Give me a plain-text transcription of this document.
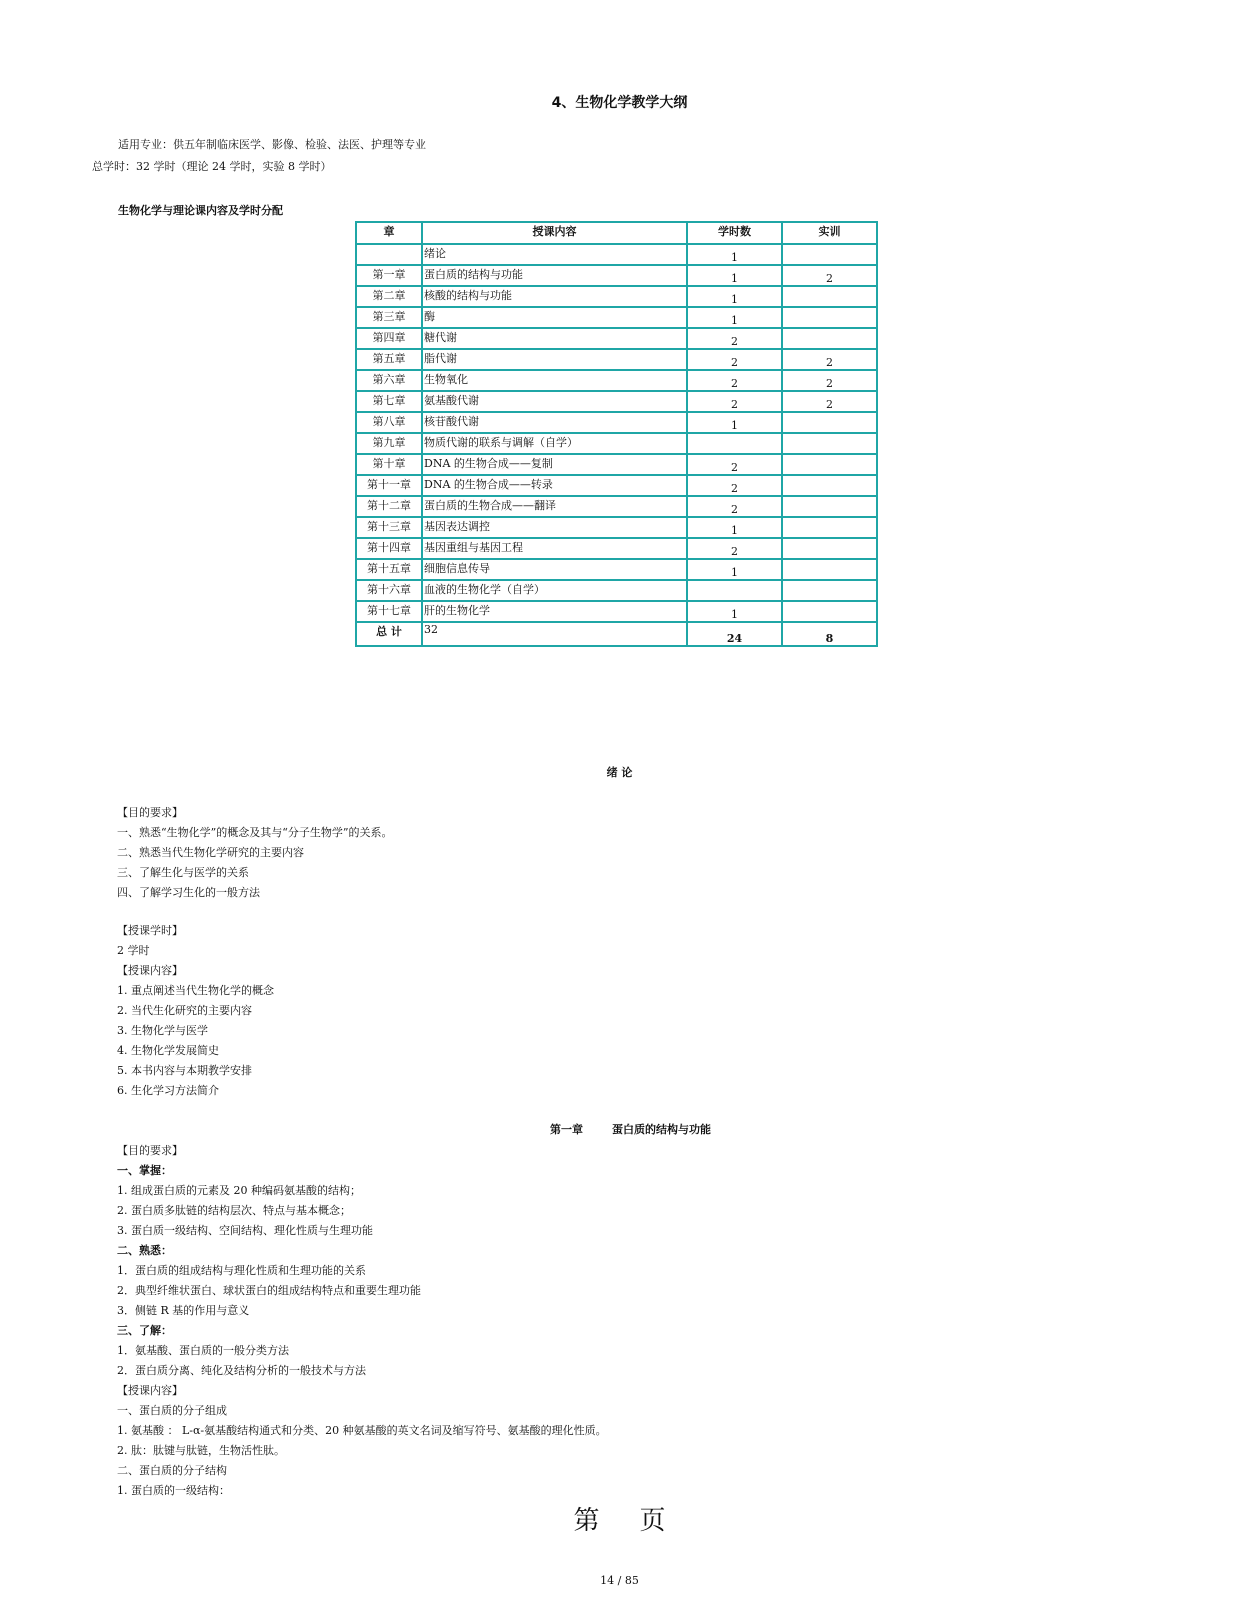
4、生物化学教学大纲
适用专业：供五年制临床医学、影像、检验、法医、护理等专业
总学时：32 学时（理论 24 学时，实验 8 学时）
生物化学与理论课内容及学时分配
章	授课内容	学时数	实训
	绪论	1	
第一章	蛋白质的结构与功能	1	2
第二章	核酸的结构与功能	1	
第三章	酶	1	
第四章	糖代谢	2	
第五章	脂代谢	2	2
第六章	生物氧化	2	2
第七章	氨基酸代谢	2	2
第八章	核苷酸代谢	1	
第九章	物质代谢的联系与调解（自学）		
第十章	DNA 的生物合成——复制	2	
第十一章	DNA 的生物合成——转录	2	
第十二章	蛋白质的生物合成——翻译	2	
第十三章	基因表达调控	1	
第十四章	基因重组与基因工程	2	
第十五章	细胞信息传导	1	
第十六章	血液的生物化学（自学）		
第十七章	肝的生物化学	1	
总 计	32	24	8
绪 论
【目的要求】
一、熟悉“生物化学”的概念及其与“分子生物学”的关系。
二、熟悉当代生物化学研究的主要内容
三、了解生化与医学的关系
四、了解学习生化的一般方法
【授课学时】
2 学时
【授课内容】
1. 重点阐述当代生物化学的概念
2. 当代生化研究的主要内容
3. 生物化学与医学
4. 生物化学发展简史
5. 本书内容与本期教学安排
6. 生化学习方法简介
第一章	蛋白质的结构与功能
【目的要求】
一、掌握：
1. 组成蛋白质的元素及 20 种编码氨基酸的结构；
2. 蛋白质多肽链的结构层次、特点与基本概念；
3. 蛋白质一级结构、空间结构、理化性质与生理功能
二、熟悉：
1．蛋白质的组成结构与理化性质和生理功能的关系
2．典型纤维状蛋白、球状蛋白的组成结构特点和重要生理功能
3．侧链 R 基的作用与意义
三、了解：
1．氨基酸、蛋白质的一般分类方法
2．蛋白质分离、纯化及结构分析的一般技术与方法
【授课内容】
一、蛋白质的分子组成
1. 氨基酸 ： L-α-氨基酸结构通式和分类、20 种氨基酸的英文名词及缩写符号、氨基酸的理化性质。
2. 肽：肽键与肽链，生物活性肽。
二、蛋白质的分子结构
1. 蛋白质的一级结构：
第 页
14 / 85
